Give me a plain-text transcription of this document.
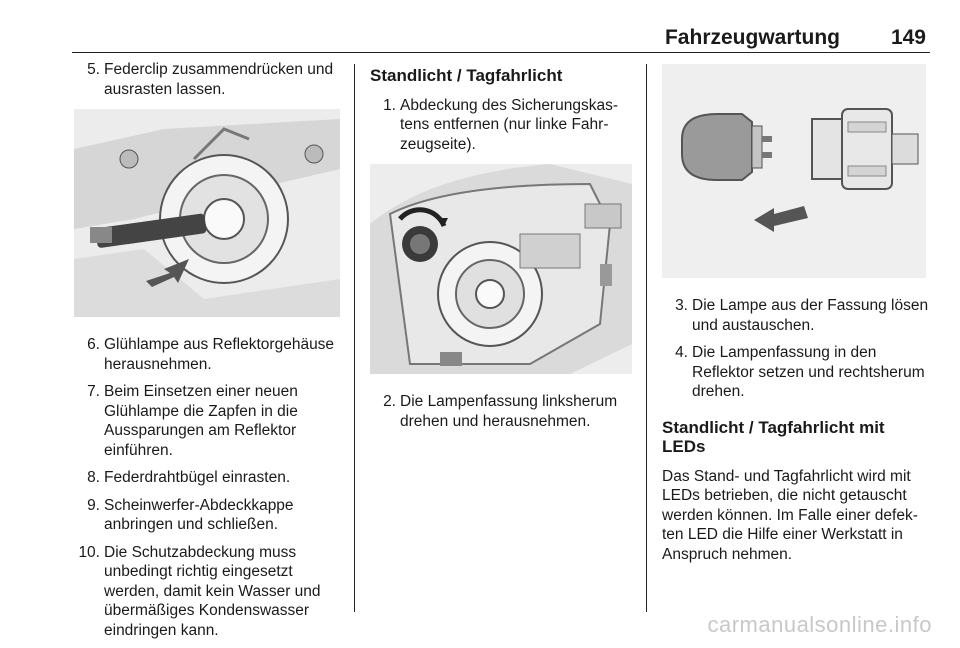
Fahrzeugwartung 149
5. Federclip zusammendrücken und ausrasten lassen.
6. Glühlampe aus Reflektorgehäuse herausnehmen.
7. Beim Einsetzen einer neuen Glühlampe die Zapfen in die Aussparungen am Reflektor einführen.
8. Federdrahtbügel einrasten.
9. Scheinwerfer-Abdeckkappe anbringen und schließen.
10. Die Schutzabdeckung muss unbedingt richtig eingesetzt werden, damit kein Wasser und übermäßiges Kondenswasser eindringen kann.
Standlicht / Tagfahrlicht
1. Abdeckung des Sicherungskastens entfernen (nur linke Fahrzeugseite).
2. Die Lampenfassung linksherum drehen und herausnehmen.
3. Die Lampe aus der Fassung lösen und austauschen.
4. Die Lampenfassung in den Reflektor setzen und rechtsherum drehen.
Standlicht / Tagfahrlicht mit LEDs

Das Stand- und Tagfahrlicht wird mit LEDs betrieben, die nicht getauscht werden können. Im Falle einer defekten LED die Hilfe einer Werkstatt in Anspruch nehmen.

carmanualsonline.info
